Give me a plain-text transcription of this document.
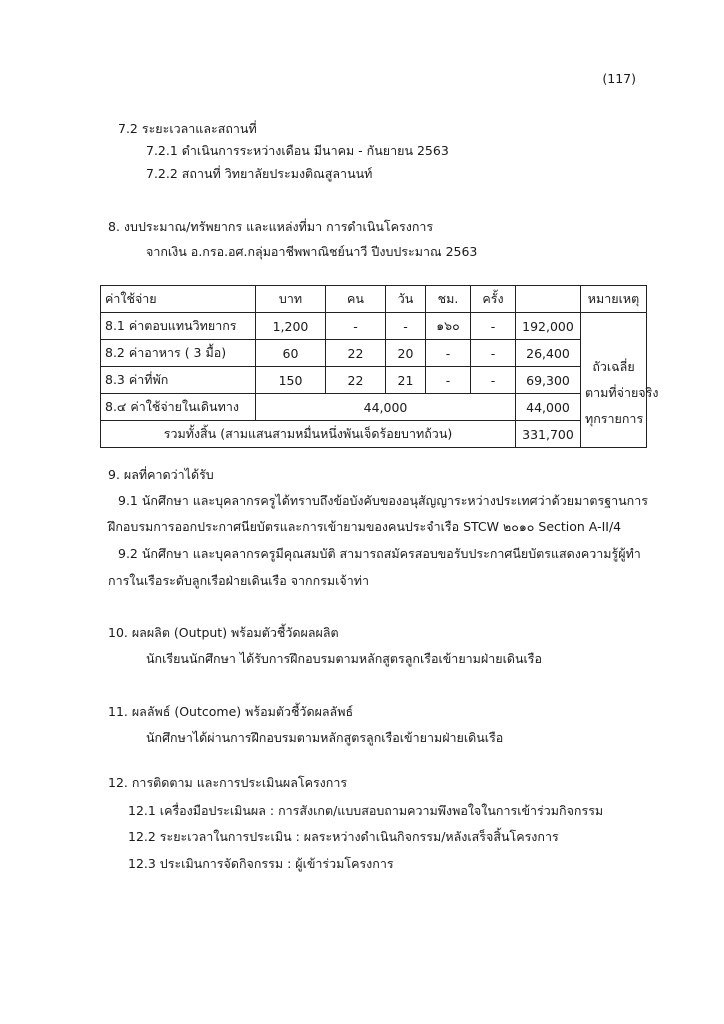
(117)
7.2 ระยะเวลาและสถานที่
7.2.1 ดำเนินการระหว่างเดือน มีนาคม - กันยายน 2563
7.2.2 สถานที่ วิทยาลัยประมงติณสูลานนท์
8. งบประมาณ/ทรัพยากร และแหล่งที่มา การดำเนินโครงการ
จากเงิน อ.กรอ.อศ.กลุ่มอาชีพพาณิชย์นาวี ปีงบประมาณ 2563
ค่าใช้จ่าย	บาท	คน	วัน	ชม.	ครั้ง		หมายเหตุ
8.1 ค่าตอบแทนวิทยากร	1,200	-	-	๑๖๐	-	192,000	ถัวเฉลี่ย
ตามที่จ่ายจริง
ทุกรายการ

8.2 ค่าอาหาร ( 3 มื้อ)	60	22	20	-	-	26,400	
8.3 ค่าที่พัก	150	22	21	-	-	69,300	
8.๔ ค่าใช้จ่ายในเดินทาง	44,000					44,000	
รวมทั้งสิ้น (สามแสนสามหมื่นหนึ่งพันเจ็ดร้อยบาทถ้วน)						331,700	
9. ผลที่คาดว่าได้รับ
9.1 นักศึกษา และบุคลากรครูได้ทราบถึงข้อบังคับของอนุสัญญาระหว่างประเทศว่าด้วยมาตรฐานการ
ฝึกอบรมการออกประกาศนียบัตรและการเข้ายามของคนประจำเรือ STCW ๒๐๑๐ Section A-II/4
9.2 นักศึกษา และบุคลากรครูมีคุณสมบัติ สามารถสมัครสอบขอรับประกาศนียบัตรแสดงความรู้ผู้ทำ
การในเรือระดับลูกเรือฝ่ายเดินเรือ จากกรมเจ้าท่า
10. ผลผลิต (Output) พร้อมตัวชี้วัดผลผลิต
นักเรียนนักศึกษา ได้รับการฝึกอบรมตามหลักสูตรลูกเรือเข้ายามฝ่ายเดินเรือ
11. ผลลัพธ์ (Outcome) พร้อมตัวชี้วัดผลลัพธ์
นักศึกษาได้ผ่านการฝึกอบรมตามหลักสูตรลูกเรือเข้ายามฝ่ายเดินเรือ
12. การติดตาม และการประเมินผลโครงการ
12.1 เครื่องมือประเมินผล : การสังเกต/แบบสอบถามความพึงพอใจในการเข้าร่วมกิจกรรม
12.2 ระยะเวลาในการประเมิน : ผลระหว่างดำเนินกิจกรรม/หลังเสร็จสิ้นโครงการ
12.3 ประเมินการจัดกิจกรรม : ผู้เข้าร่วมโครงการ
